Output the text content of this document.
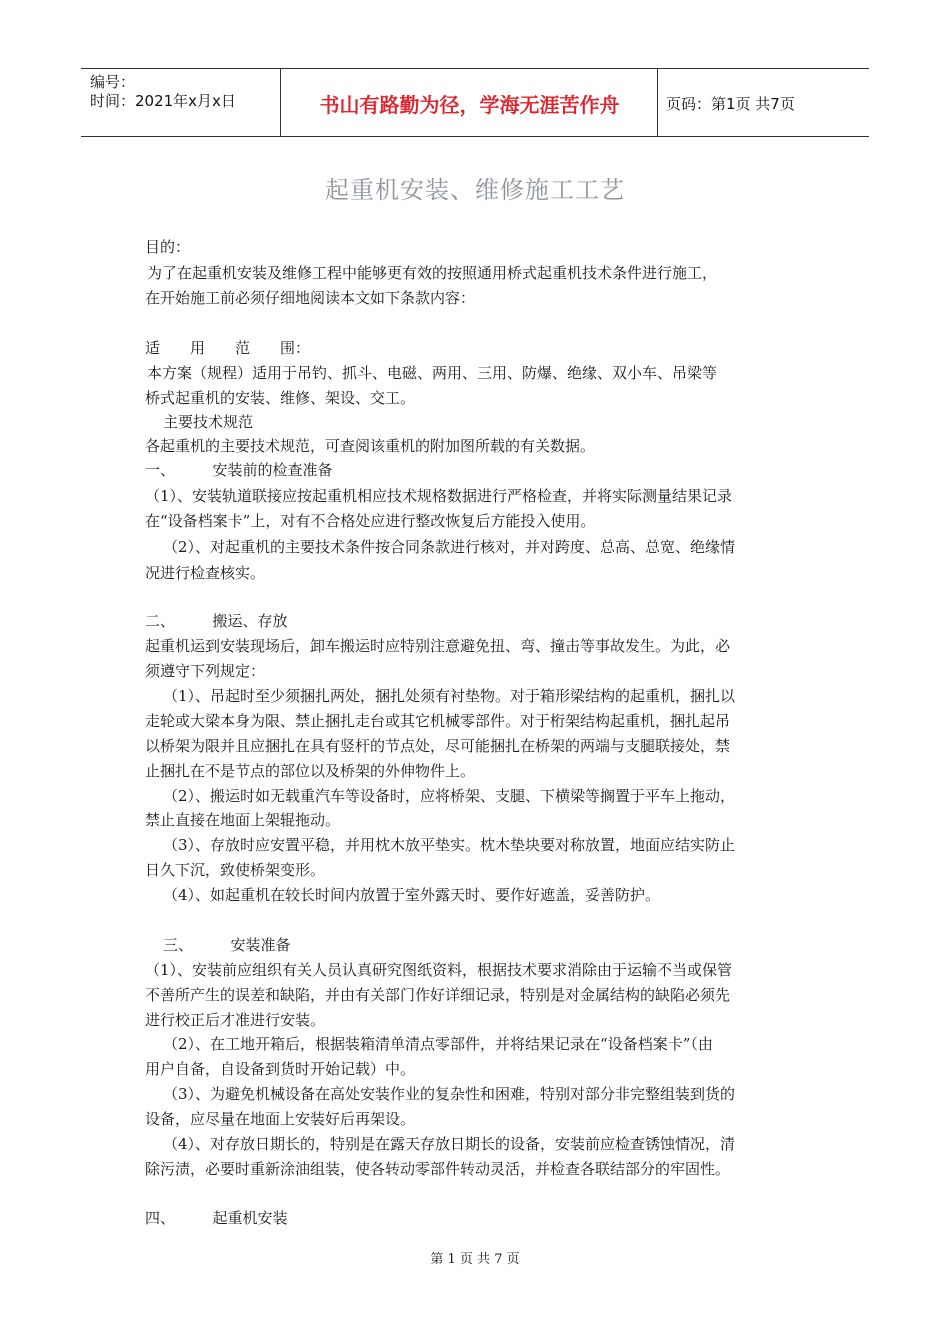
编号：
时间：2021年x月x日	书山有路勤为径，学海无涯苦作舟	页码：第1页 共7页
起重机安装、维修施工工艺
目的：
为了在起重机安装及维修工程中能够更有效的按照通用桥式起重机技术条件进行施工，
在开始施工前必须仔细地阅读本文如下条款内容：
适　　用　　范　　围：
本方案（规程）适用于吊钓、抓斗、电磁、两用、三用、防爆、绝缘、双小车、吊梁等
桥式起重机的安装、维修、架设、交工。
主要技术规范
各起重机的主要技术规范，可查阅该重机的附加图所载的有关数据。
一、　　　安装前的检查准备
（1）、安装轨道联接应按起重机相应技术规格数据进行严格检查，并将实际测量结果记录
在“设备档案卡”上，对有不合格处应进行整改恢复后方能投入使用。
（2）、对起重机的主要技术条件按合同条款进行核对，并对跨度、总高、总宽、绝缘情
况进行检查核实。
二、　　　搬运、存放
起重机运到安装现场后，卸车搬运时应特别注意避免扭、弯、撞击等事故发生。为此，必
须遵守下列规定：
（1）、吊起时至少须捆扎两处，捆扎处须有衬垫物。对于箱形梁结构的起重机，捆扎以
走轮或大梁本身为限、禁止捆扎走台或其它机械零部件。对于桁架结构起重机，捆扎起吊
以桥架为限并且应捆扎在具有竖杆的节点处，尽可能捆扎在桥架的两端与支腿联接处，禁
止捆扎在不是节点的部位以及桥架的外伸物件上。
（2）、搬运时如无载重汽车等设备时，应将桥架、支腿、下横梁等搁置于平车上拖动，
禁止直接在地面上架辊拖动。
（3）、存放时应安置平稳，并用枕木放平垫实。枕木垫块要对称放置，地面应结实防止
日久下沉，致使桥架变形。
（4）、如起重机在较长时间内放置于室外露天时、要作好遮盖，妥善防护。
三、　　　安装准备
（1）、安装前应组织有关人员认真研究图纸资料，根据技术要求消除由于运输不当或保管
不善所产生的误差和缺陷，并由有关部门作好详细记录，特别是对金属结构的缺陷必须先
进行校正后才准进行安装。
（2）、在工地开箱后，根据装箱清单清点零部件，并将结果记录在“设备档案卡”（由
用户自备，自设备到货时开始记载）中。
（3）、为避免机械设备在高处安装作业的复杂性和困难，特别对部分非完整组装到货的
设备，应尽量在地面上安装好后再架设。
（4）、对存放日期长的，特别是在露天存放日期长的设备，安装前应检查锈蚀情况，清
除污渍，必要时重新涂油组装，使各转动零部件转动灵活，并检查各联结部分的牢固性。
四、　　　起重机安装
第 1 页 共 7 页
